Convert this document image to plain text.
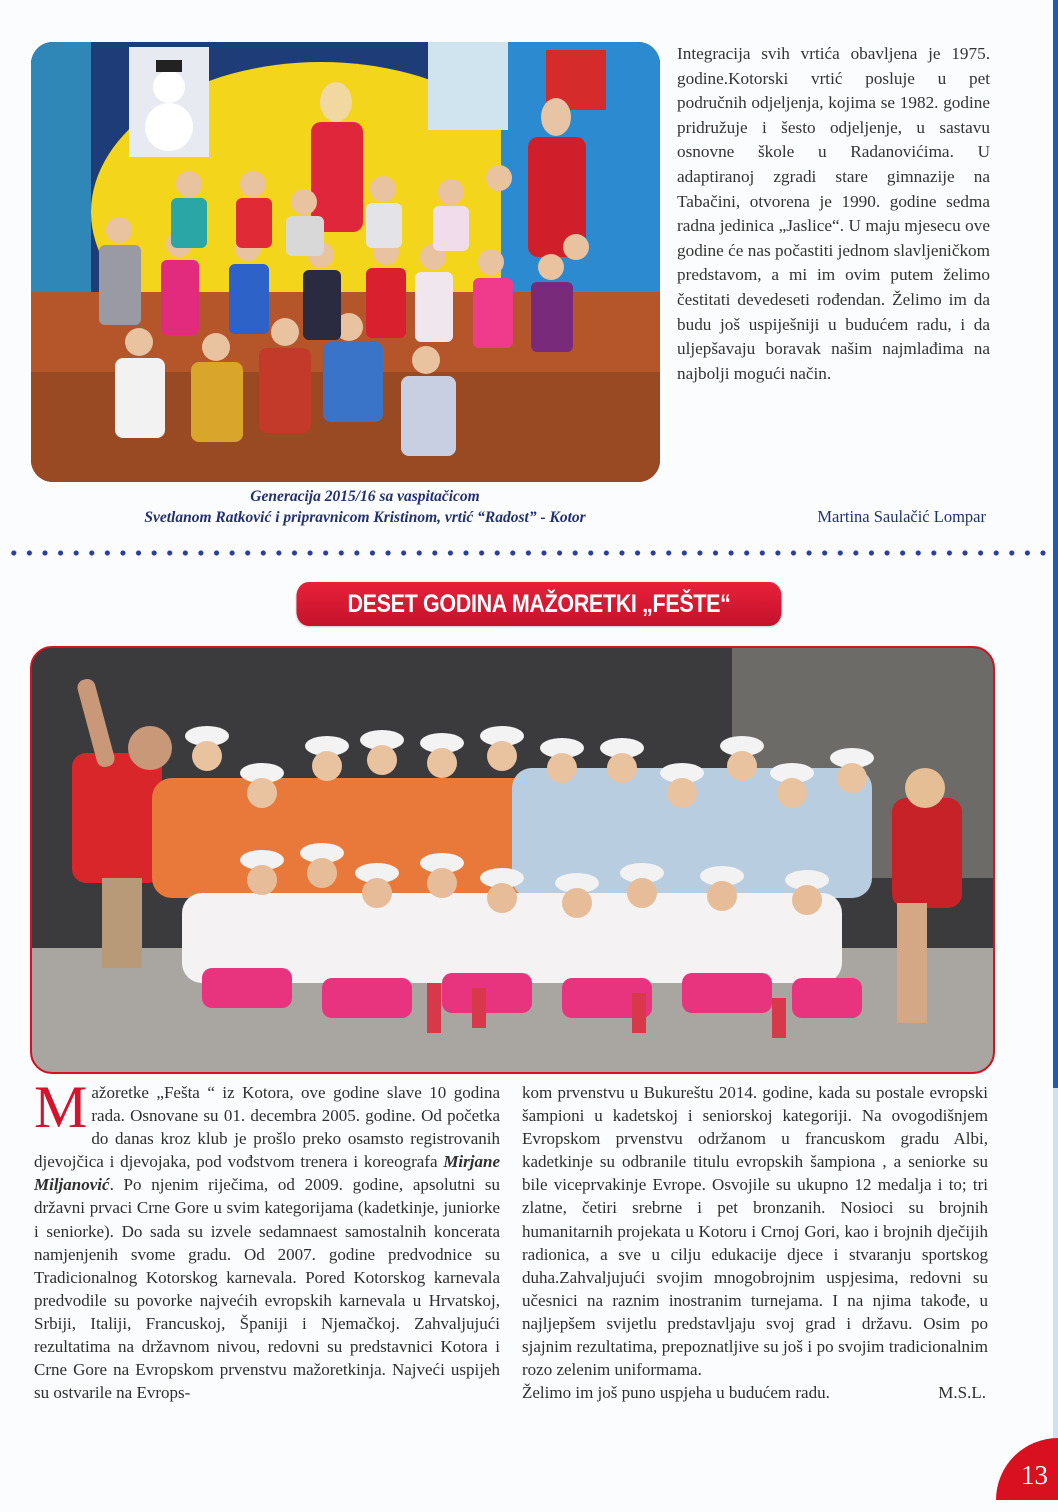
Generacija 2015/16 sa vaspitačicom
Svetlanom Ratković i pripravnicom Kristinom, vrtić “Radost” - Kotor

Integracija svih vrtića obavljena je 1975. godine.Kotorski vrtić posluje u pet područnih odjeljenja, kojima se 1982. godine pridružuje i šesto odjeljenje, u sastavu osnovne škole u Radanovićima. U adaptiranoj zgradi stare gimnazije na Tabačini, otvorena je 1990. godine sedma radna jedinica „Jaslice“. U maju mjesecu ove godine će nas počastiti jednom slavljeničkom predstavom, a mi im ovim putem želimo čestitati devedeseti rođendan. Želimo im da budu još uspiješniji u budućem radu, i da uljepšavaju boravak našim najmlađima na najbolji mogući način.

Martina Saulačić Lompar
DESET GODINA MAŽORETKI „FEŠTE“

Mažoretke „Fešta “ iz Kotora, ove godine slave 10 godina rada. Osnovane su 01. decembra 2005. godine. Od početka do danas kroz klub je prošlo preko osamsto registrovanih djevojčica i djevojaka, pod vođstvom trenera i koreografa Mirjane Miljanović. Po njenim riječima, od 2009. godine, apsolutni su državni prvaci Crne Gore u svim kategorijama (kadetkinje, juniorke i seniorke). Do sada su izvele sedamnaest samostalnih koncerata namjenjenih svome gradu. Od 2007. godine predvodnice su Tradicionalnog Kotorskog karnevala. Pored Kotorskog karnevala predvodile su povorke najvećih evropskih karnevala u Hrvatskoj, Srbiji, Italiji, Francuskoj, Španiji i Njemačkoj. Zahvaljujući rezultatima na državnom nivou, redovni su predstavnici Kotora i Crne Gore na Evropskom prvenstvu mažoretkinja. Najveći uspijeh su ostvarile na Evrops-

kom prvenstvu u Bukureštu 2014. godine, kada su postale evropski šampioni u kadetskoj i seniorskoj kategoriji. Na ovogodišnjem Evropskom prvenstvu održanom u francuskom gradu Albi, kadetkinje su odbranile titulu evropskih šampiona , a seniorke su bile viceprvakinje Evrope. Osvojile su ukupno 12 medalja i to; tri zlatne, četiri srebrne i pet bronzanih. Nosioci su brojnih humanitarnih projekata u Kotoru i Crnoj Gori, kao i brojnih dječijih radionica, a sve u cilju edukacije djece i stvaranju sportskog duha.Zahvaljujući svojim mnogobrojnim uspjesima, redovni su učesnici na raznim inostranim turnejama. I na njima takođe, u najljepšem svijetlu predstavljaju svoj grad i državu. Osim po sjajnim rezultatima, prepoznatljive su još i po svojim tradicionalnim rozo zelenim uniformama.

Želimo im još puno uspjeha u budućem radu.	M.S.L.
13
